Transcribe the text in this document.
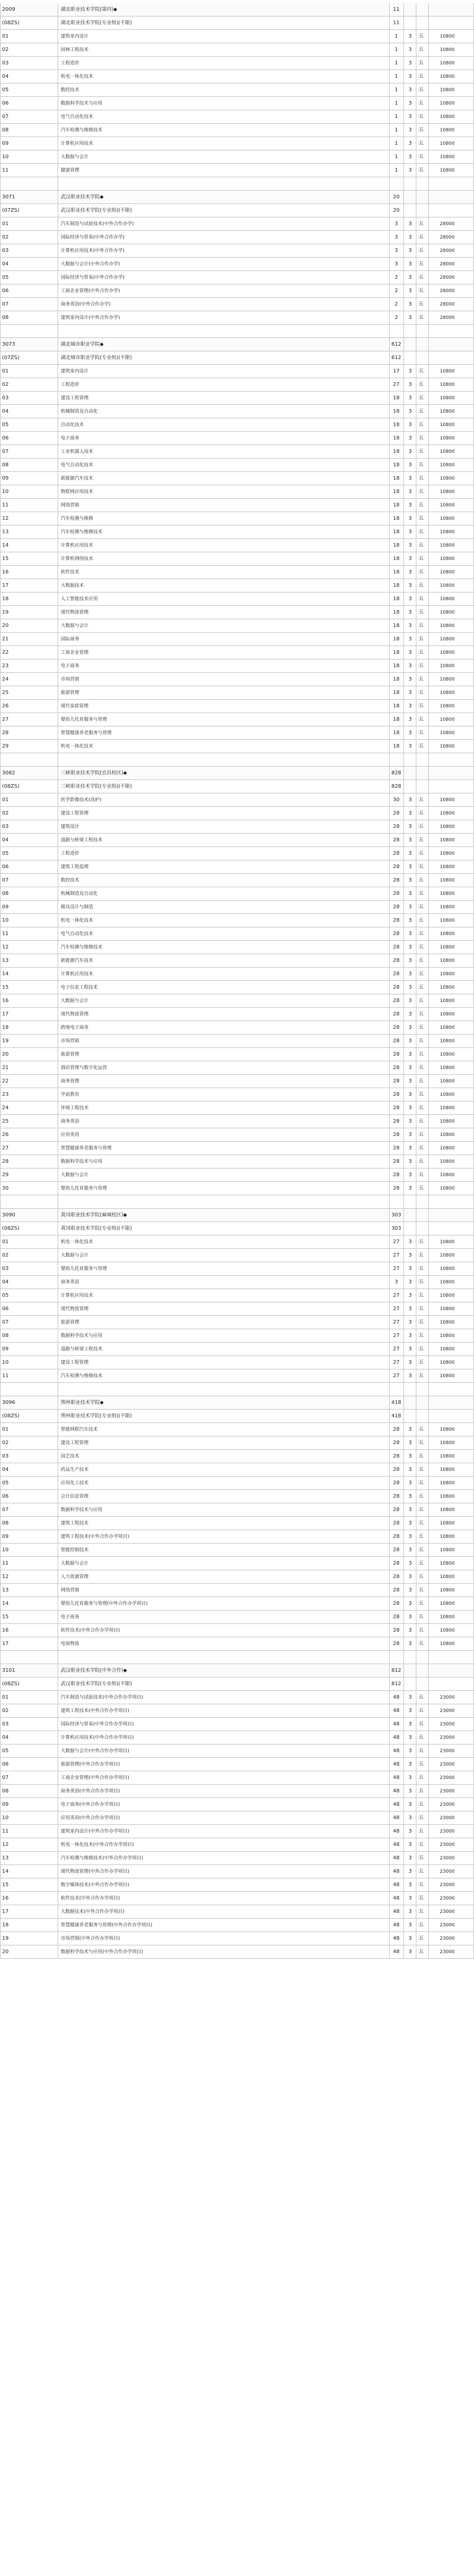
2009	湖北职业技术学院(第四)◆	11
(08ZS)	湖北职业技术学院(专业组)(不限)	11
01	建筑室内设计	1	3	五	10800
02	园林工程技术	1	3	五	10800
03	工程造价	1	3	五	10800
04	机电一体化技术	1	3	五	10800
05	数控技术	1	3	五	10800
06	数据科学技术与应用	1	3	五	10800
07	电气自动化技术	1	3	五	10800
08	汽车检测与维修技术	1	3	五	10800
09	计算机应用技术	1	3	五	10800
10	大数据与会计	1	3	五	10800
11	健康管理	1	3	五	10800
3071	武汉职业技术学院◆	20
(07ZS)	武汉职业技术学院(专业组)(不限)	20
01	汽车制造与试验技术(中外合作办学)	3	3	五	28000
02	国际经济与贸易(中外合作办学)	3	3	五	28000
03	计算机应用技术(中外合作办学)	3	3	五	28000
04	大数据与会计(中外合作办学)	3	3	五	28000
05	国际经济与贸易(中外合作办学)	2	3	五	28000
06	工商企业管理(中外合作办学)	2	3	五	28000
07	商务英语(中外合作办学)	2	3	五	28000
08	建筑室内设计(中外合作办学)	2	3	五	28000
3073	湖北城市职业学院◆	612
(07ZS)	湖北城市职业学院(专业组)(不限)	612
01	建筑室内设计	17	3	五	10800
02	工程造价	27	3	五	10800
03	建设工程管理	18	3	五	10800
04	机械制造及自动化	18	3	五	10800
05	自动化技术	18	3	五	10800
06	电子商务	18	3	五	10800
07	工业机器人技术	18	3	五	10800
08	电气自动化技术	18	3	五	10800
09	新能源汽车技术	18	3	五	10800
10	物联网应用技术	18	3	五	10800
11	网络营销	18	3	五	10800
12	汽车检测与维修	18	3	五	10800
13	汽车检测与维修技术	18	3	五	10800
14	计算机应用技术	18	3	五	10800
15	计算机网络技术	18	3	五	10800
16	软件技术	18	3	五	10800
17	大数据技术	18	3	五	10800
18	人工智能技术应用	18	3	五	10800
19	现代物流管理	18	3	五	10800
20	大数据与会计	18	3	五	10800
21	国际商务	18	3	五	10800
22	工商企业管理	18	3	五	10800
23	电子商务	18	3	五	10800
24	市场营销	18	3	五	10800
25	旅游管理	18	3	五	10800
26	现代家政管理	18	3	五	10800
27	婴幼儿托育服务与管理	18	3	五	10800
28	智慧健康养老服务与管理	18	3	五	10800
29	机电一体化技术	18	3	五	10800
3082	三峡职业技术学院(宜昌校区)◆	828
(08ZS)	三峡职业技术学院(专业组)(不限)	828
01	医学影像技术(高护)	30	3	五	10800
02	建设工程管理	28	3	五	10800
03	建筑设计	28	3	五	10800
04	道路与桥梁工程技术	28	3	五	10800
05	工程造价	28	3	五	10800
06	建筑工程监理	28	3	五	10800
07	数控技术	28	3	五	10800
08	机械制造及自动化	28	3	五	10800
09	模具设计与制造	28	3	五	10800
10	机电一体化技术	28	3	五	10800
11	电气自动化技术	28	3	五	10800
12	汽车检测与维修技术	28	3	五	10800
13	新能源汽车技术	28	3	五	10800
14	计算机应用技术	28	3	五	10800
15	电子信息工程技术	28	3	五	10800
16	大数据与会计	28	3	五	10800
17	现代物流管理	28	3	五	10800
18	跨境电子商务	28	3	五	10800
19	市场营销	28	3	五	10800
20	旅游管理	28	3	五	10800
21	酒店管理与数字化运营	28	3	五	10800
22	商务管理	28	3	五	10800
23	学前教育	28	3	五	10800
24	环境工程技术	28	3	五	10800
25	商务英语	28	3	五	10800
26	应用英语	28	3	五	10800
27	智慧健康养老服务与管理	28	3	五	10800
28	数据科学技术与应用	28	3	五	10800
29	大数据与会计	28	3	五	10800
30	婴幼儿托育服务与管理	28	3	五	10800
3090	黄冈职业技术学院(麻城校区)◆	303
(08ZS)	黄冈职业技术学院(专业组)(不限)	303
01	机电一体化技术	27	3	五	10800
02	大数据与会计	27	3	五	10800
03	婴幼儿托育服务与管理	27	3	五	10800
04	商务英语	3	3	五	10800
05	计算机应用技术	27	3	五	10800
06	现代物流管理	27	3	五	10800
07	旅游管理	27	3	五	10800
08	数据科学技术与应用	27	3	五	10800
09	道路与桥梁工程技术	27	3	五	10800
10	建设工程管理	27	3	五	10800
11	汽车检测与维修技术	27	3	五	10800
3096	荆州职业技术学院◆	418
(08ZS)	荆州职业技术学院(专业组)(不限)	418
01	智能网联汽车技术	28	3	五	10800
02	建设工程管理	28	3	五	10800
03	园艺技术	28	3	五	10800
04	药品生产技术	28	3	五	10800
05	应用化工技术	28	3	五	10800
06	会计信息管理	28	3	五	10800
07	数据科学技术与应用	28	3	五	10800
08	建筑工程技术	28	3	五	10800
09	建筑工程技术(中外合作办学项目)	28	3	五	10800
10	智能控制技术	28	3	五	10800
11	大数据与会计	28	3	五	10800
12	人力资源管理	28	3	五	10800
13	网络营销	28	3	五	10800
14	婴幼儿托育服务与管理(中外合作办学项目)	28	3	五	10800
15	电子商务	28	3	五	10800
16	软件技术(中外合作办学项目)	28	3	五	10800
17	电商物流	28	3	五	10800
3101	武汉职业技术学院(中外合作)◆	812
(08ZS)	武汉职业技术学院(专业组)(不限)	812
01	汽车制造与试验技术(中外合作办学项目)	48	3	五	23000
02	建筑工程技术(中外合作办学项目)	48	3	五	23000
03	国际经济与贸易(中外合作办学项目)	48	3	五	23000
04	计算机应用技术(中外合作办学项目)	48	3	五	23000
05	大数据与会计(中外合作办学项目)	48	3	五	23000
06	旅游管理(中外合作办学项目)	48	3	五	23000
07	工商企业管理(中外合作办学项目)	48	3	五	23000
08	商务英语(中外合作办学项目)	48	3	五	23000
09	电子商务(中外合作办学项目)	48	3	五	23000
10	应用英语(中外合作办学项目)	48	3	五	23000
11	建筑室内设计(中外合作办学项目)	48	3	五	23000
12	机电一体化技术(中外合作办学项目)	48	3	五	23000
13	汽车检测与维修技术(中外合作办学项目)	48	3	五	23000
14	现代物流管理(中外合作办学项目)	48	3	五	23000
15	数字媒体技术(中外合作办学项目)	48	3	五	23000
16	软件技术(中外合作办学项目)	48	3	五	23000
17	大数据技术(中外合作办学项目)	48	3	五	23000
18	智慧健康养老服务与管理(中外合作办学项目)	48	3	五	23000
19	市场营销(中外合作办学项目)	48	3	五	23000
20	数据科学技术与应用(中外合作办学项目)	48	3	五	23000
